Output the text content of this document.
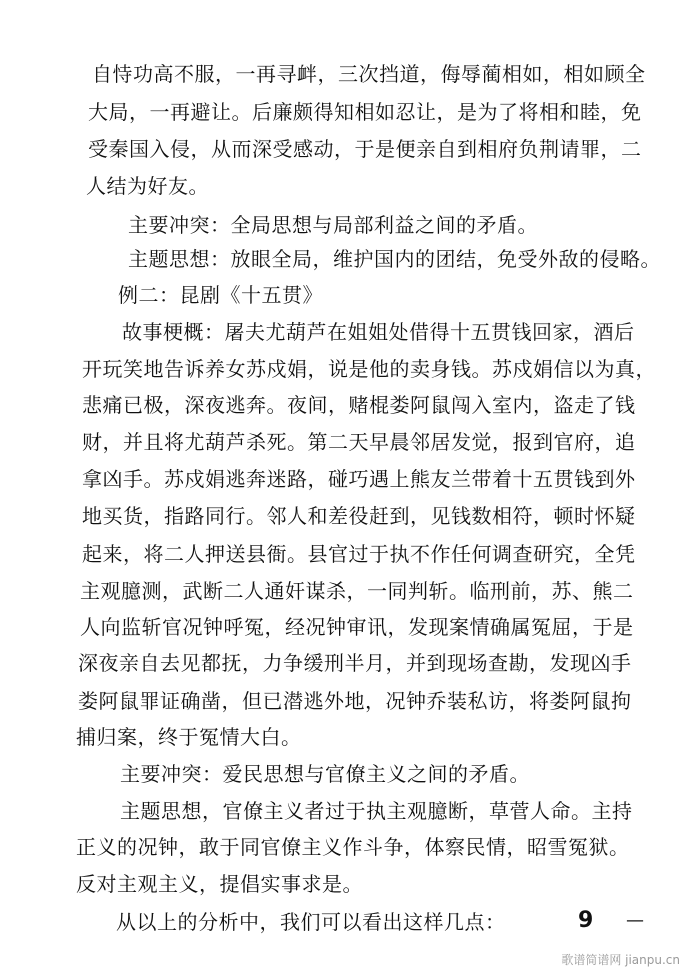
自恃功高不服，一再寻衅，三次挡道，侮辱蔺相如，相如顾全
大局，一再避让。后廉颇得知相如忍让，是为了将相和睦，免
受秦国入侵，从而深受感动，于是便亲自到相府负荆请罪，二
人结为好友。
主要冲突：全局思想与局部利益之间的矛盾。
主题思想：放眼全局，维护国内的团结，免受外敌的侵略。
例二：昆剧《十五贯》
故事梗概：屠夫尤葫芦在姐姐处借得十五贯钱回家，酒后
开玩笑地告诉养女苏戍娟，说是他的卖身钱。苏戍娟信以为真，
悲痛已极，深夜逃奔。夜间，赌棍娄阿鼠闯入室内，盗走了钱
财，并且将尤葫芦杀死。第二天早晨邻居发觉，报到官府，追
拿凶手。苏戍娟逃奔迷路，碰巧遇上熊友兰带着十五贯钱到外
地买货，指路同行。邻人和差役赶到，见钱数相符，顿时怀疑
起来，将二人押送县衙。县官过于执不作任何调查研究，全凭
主观臆测，武断二人通奸谋杀，一同判斩。临刑前，苏、熊二
人向监斩官况钟呼冤，经况钟审讯，发现案情确属冤屈，于是
深夜亲自去见都抚，力争缓刑半月，并到现场查勘，发现凶手
娄阿鼠罪证确凿，但已潜逃外地，况钟乔装私访，将娄阿鼠拘
捕归案，终于冤情大白。
主要冲突：爱民思想与官僚主义之间的矛盾。
主题思想，官僚主义者过于执主观臆断，草菅人命。主持
正义的况钟，敢于同官僚主义作斗争，体察民情，昭雪冤狱。
反对主观主义，提倡实事求是。
从以上的分析中，我们可以看出这样几点：	9 —
歌谱简谱网 jianpu.cn
